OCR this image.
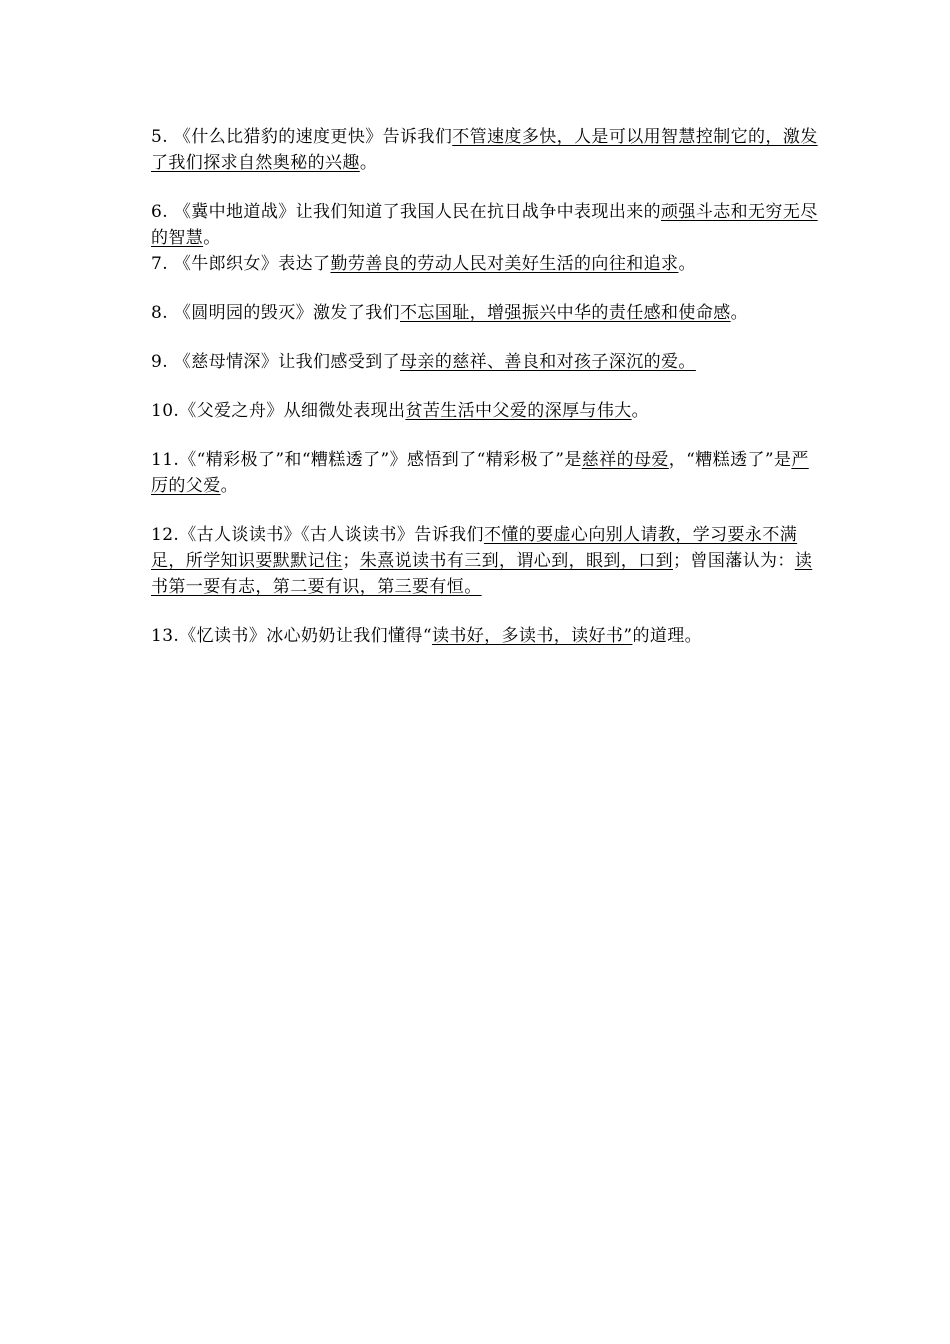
5. 《什么比猎豹的速度更快》告诉我们不管速度多快，人是可以用智慧控制它的，激发了我们探求自然奥秘的兴趣。
6. 《冀中地道战》让我们知道了我国人民在抗日战争中表现出来的顽强斗志和无穷无尽的智慧。
7. 《牛郎织女》表达了勤劳善良的劳动人民对美好生活的向往和追求。
8. 《圆明园的毁灭》激发了我们不忘国耻，增强振兴中华的责任感和使命感。
9. 《慈母情深》让我们感受到了母亲的慈祥、善良和对孩子深沉的爱。
10.《父爱之舟》从细微处表现出贫苦生活中父爱的深厚与伟大。
11.《“精彩极了”和“糟糕透了”》感悟到了“精彩极了”是慈祥的母爱，“糟糕透了”是严厉的父爱。
12.《古人谈读书》《古人谈读书》告诉我们不懂的要虚心向别人请教，学习要永不满足，所学知识要默默记住；朱熹说读书有三到，谓心到，眼到，口到；曾国藩认为：读书第一要有志，第二要有识，第三要有恒。
13.《忆读书》冰心奶奶让我们懂得“读书好，多读书，读好书”的道理。
